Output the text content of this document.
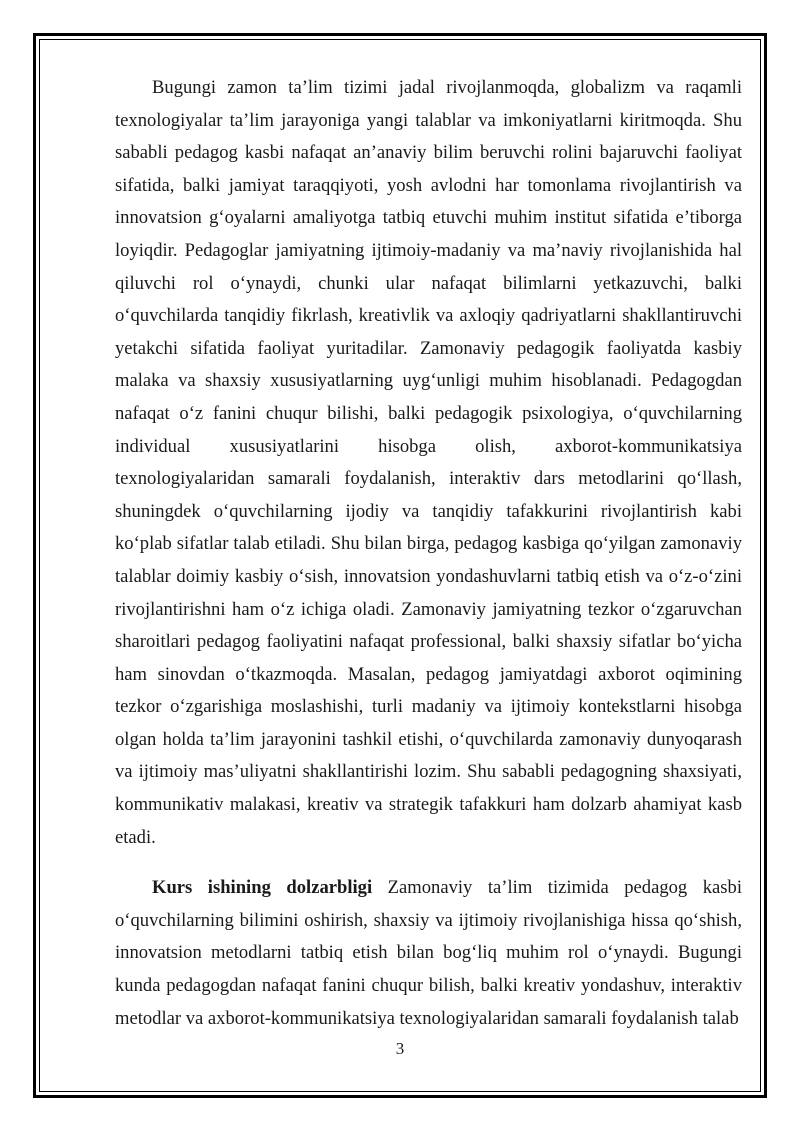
Bugungi zamon ta’lim tizimi jadal rivojlanmoqda, globalizm va raqamli texnologiyalar ta’lim jarayoniga yangi talablar va imkoniyatlarni kiritmoqda. Shu sababli pedagog kasbi nafaqat an’anaviy bilim beruvchi rolini bajaruvchi faoliyat sifatida, balki jamiyat taraqqiyoti, yosh avlodni har tomonlama rivojlantirish va innovatsion g‘oyalarni amaliyotga tatbiq etuvchi muhim institut sifatida e’tiborga loyiqdir. Pedagoglar jamiyatning ijtimoiy-madaniy va ma’naviy rivojlanishida hal qiluvchi rol o‘ynaydi, chunki ular nafaqat bilimlarni yetkazuvchi, balki o‘quvchilarda tanqidiy fikrlash, kreativlik va axloqiy qadriyatlarni shakllantiruvchi yetakchi sifatida faoliyat yuritadilar. Zamonaviy pedagogik faoliyatda kasbiy malaka va shaxsiy xususiyatlarning uyg‘unligi muhim hisoblanadi. Pedagogdan nafaqat o‘z fanini chuqur bilishi, balki pedagogik psixologiya, o‘quvchilarning individual xususiyatlarini hisobga olish, axborot-kommunikatsiya texnologiyalaridan samarali foydalanish, interaktiv dars metodlarini qo‘llash, shuningdek o‘quvchilarning ijodiy va tanqidiy tafakkurini rivojlantirish kabi ko‘plab sifatlar talab etiladi. Shu bilan birga, pedagog kasbiga qo‘yilgan zamonaviy talablar doimiy kasbiy o‘sish, innovatsion yondashuvlarni tatbiq etish va o‘z-o‘zini rivojlantirishni ham o‘z ichiga oladi. Zamonaviy jamiyatning tezkor o‘zgaruvchan sharoitlari pedagog faoliyatini nafaqat professional, balki shaxsiy sifatlar bo‘yicha ham sinovdan o‘tkazmoqda. Masalan, pedagog jamiyatdagi axborot oqimining tezkor o‘zgarishiga moslashishi, turli madaniy va ijtimoiy kontekstlarni hisobga olgan holda ta’lim jarayonini tashkil etishi, o‘quvchilarda zamonaviy dunyoqarash va ijtimoiy mas’uliyatni shakllantirishi lozim. Shu sababli pedagogning shaxsiyati, kommunikativ malakasi, kreativ va strategik tafakkuri ham dolzarb ahamiyat kasb etadi.

Kurs ishining dolzarbligi Zamonaviy ta’lim tizimida pedagog kasbi o‘quvchilarning bilimini oshirish, shaxsiy va ijtimoiy rivojlanishiga hissa qo‘shish, innovatsion metodlarni tatbiq etish bilan bog‘liq muhim rol o‘ynaydi. Bugungi kunda pedagogdan nafaqat fanini chuqur bilish, balki kreativ yondashuv, interaktiv metodlar va axborot-kommunikatsiya texnologiyalaridan samarali foydalanish talab

3
